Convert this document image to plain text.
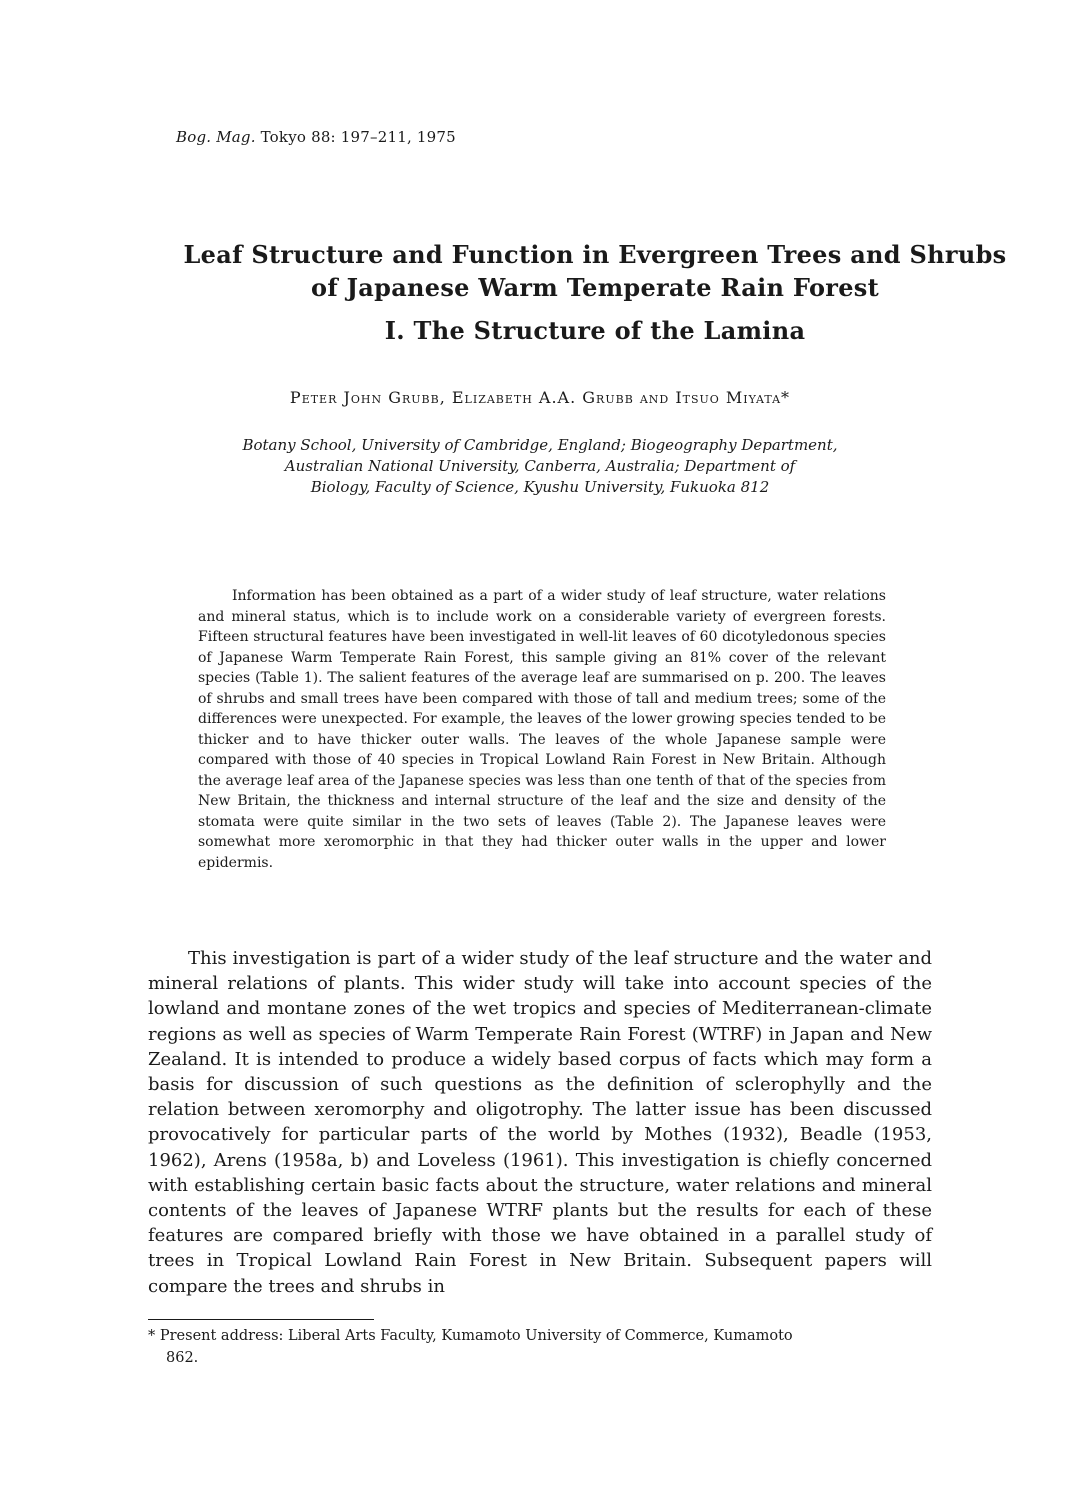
Bog. Mag. Tokyo 88: 197–211, 1975
Leaf Structure and Function in Evergreen Trees and Shrubs
of Japanese Warm Temperate Rain Forest
I. The Structure of the Lamina
Peter John Grubb, Elizabeth A.A. Grubb and Itsuo Miyata*
Botany School, University of Cambridge, England; Biogeography Department,
Australian National University, Canberra, Australia; Department of
Biology, Faculty of Science, Kyushu University, Fukuoka 812
Information has been obtained as a part of a wider study of leaf structure, water relations and mineral status, which is to include work on a considerable variety of evergreen forests. Fifteen structural features have been investigated in well-lit leaves of 60 dicotyledonous species of Japanese Warm Temperate Rain Forest, this sample giving an 81% cover of the relevant species (Table 1). The salient features of the average leaf are summarised on p. 200. The leaves of shrubs and small trees have been compared with those of tall and medium trees; some of the differences were unexpected. For example, the leaves of the lower growing species tended to be thicker and to have thicker outer walls. The leaves of the whole Japanese sample were compared with those of 40 species in Tropical Lowland Rain Forest in New Britain. Although the average leaf area of the Japanese species was less than one tenth of that of the species from New Britain, the thickness and internal structure of the leaf and the size and density of the stomata were quite similar in the two sets of leaves (Table 2). The Japanese leaves were somewhat more xeromorphic in that they had thicker outer walls in the upper and lower epidermis.
This investigation is part of a wider study of the leaf structure and the water and mineral relations of plants. This wider study will take into account species of the lowland and montane zones of the wet tropics and species of Mediterranean-climate regions as well as species of Warm Temperate Rain Forest (WTRF) in Japan and New Zealand. It is intended to produce a widely based corpus of facts which may form a basis for discussion of such questions as the definition of sclerophylly and the relation between xeromorphy and oligotrophy. The latter issue has been discussed provocatively for particular parts of the world by Mothes (1932), Beadle (1953, 1962), Arens (1958a, b) and Loveless (1961). This investigation is chiefly concerned with establishing certain basic facts about the structure, water relations and mineral contents of the leaves of Japanese WTRF plants but the results for each of these features are compared briefly with those we have obtained in a parallel study of trees in Tropical Lowland Rain Forest in New Britain. Subsequent papers will compare the trees and shrubs in
* Present address: Liberal Arts Faculty, Kumamoto University of Commerce, Kumamoto
862.
